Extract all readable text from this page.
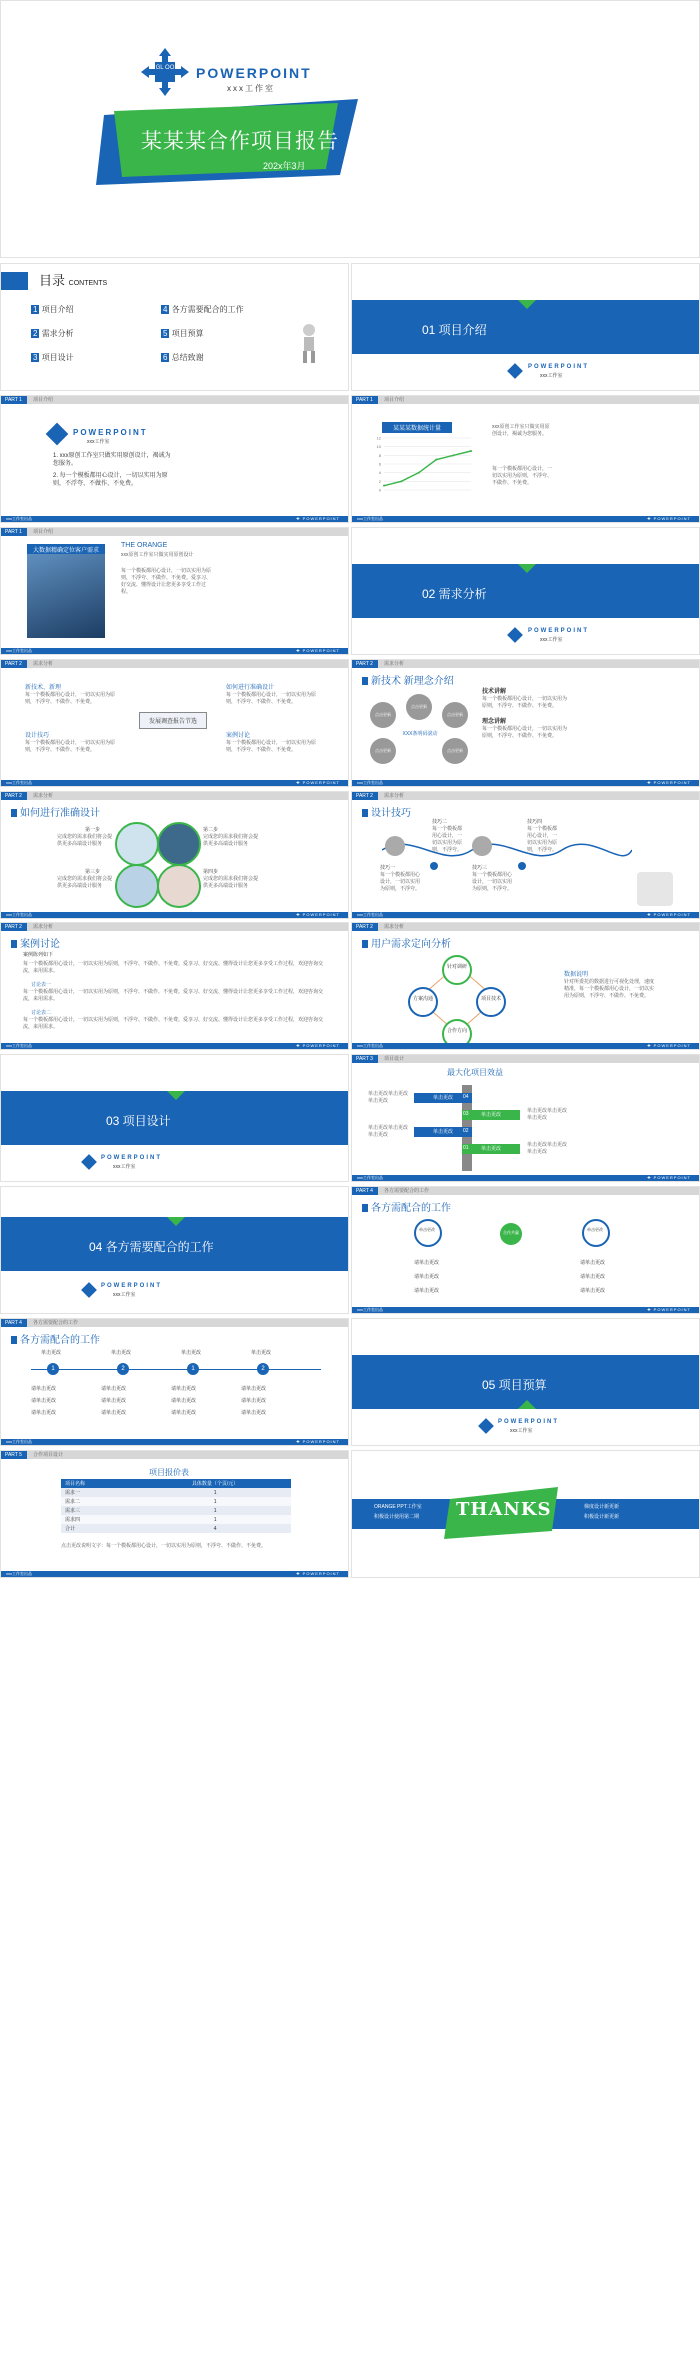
GL OO POWERPOINT
xxx工作室
某某某合作项目报告
202x年3月
目录 CONTENTS
1 项目介绍
2 需求分析
3 项目设计
4 各方需要配合的工作
5 项目预算
6 总结致谢
01 项目介绍
POWERPOINT
xxx工作室
PART 1	项目介绍
POWERPOINT
xxx工作室
1. xxx原创工作室只做实用原创设计，褐诚为您服务。
2. 每一个模板都用心设计，一切以实用为原则，不浮夸、不做作、不免费。
xxx工作室出品	✚ POWERPOINT
PART 1	项目介绍
某某某数据统计量
0
2
4
6
8
10
12
xxx原创工作室只做实用原创设计，褐诚为您服务。
每一个模板都用心设计，一切以实用为原则，不浮夸、不做作、不免费。
xxx工作室出品	✚ POWERPOINT
PART 1	项目介绍
大数据精确定位客户需求
THE ORANGE
xxx原创工作室只做实用原创设计
每一个模板都用心设计，一切以实用为原则，不浮夸、不做作、不免费。爱享习、好交流、懂得设计让您更多享受工作过程。
xxx工作室出品	✚ POWERPOINT
02 需求分析
POWERPOINT
xxx工作室
PART 2	需求分析
发展调查报告节选
新技术、新理	如何进行准确设计
设计技巧	案例讨论
每一个模板都用心设计，一切以实用为原则，不浮夸、不做作、不免费。
每一个模板都用心设计，一切以实用为原则，不浮夸、不做作、不免费。
每一个模板都用心设计，一切以实用为原则，不浮夸、不做作、不免费。
每一个模板都用心设计，一切以实用为原则，不浮夸、不做作、不免费。
xxx工作室出品	✚ POWERPOINT
PART 2	需求分析
新技术 新理念介绍
点击更新
点击更新
点击更新
点击更新	点击更新
XXX条明码滚动
技术讲解
每一个模板都用心设计，一切以实用为原则，不浮夸、不做作、不免费。
理念讲解
每一个模板都用心设计，一切以实用为原则，不浮夸、不做作、不免费。
xxx工作室出品	✚ POWERPOINT
PART 2	需求分析
如何进行准确设计
第一步
完成您的需求我们将会提供更多高端设计服务
第二步
完成您的需求我们将会提供更多高端设计服务
第三步
完成您的需求我们将会提供更多高端设计服务
第四步
完成您的需求我们将会提供更多高端设计服务
xxx工作室出品	✚ POWERPOINT
PART 2	需求分析
设计技巧
技巧二
每一个模板都用心设计，一切以实用为原则，不浮夸。
技巧四
每一个模板都用心设计，一切以实用为原则，不浮夸。
技巧一
每一个模板都用心设计，一切以实用为原则，不浮夸。
技巧三
每一个模板都用心设计，一切以实用为原则，不浮夸。
xxx工作室出品	✚ POWERPOINT
PART 2	需求分析
案例讨论
案例陈列如下
每一个模板都用心设计，一切以实用为原则，不浮夸、不做作、不免费。爱享习、好交流、懂得设计让您更多享受工作过程，欢迎咨询交流，来用需求。
讨论表一
每一个模板都用心设计，一切以实用为原则，不浮夸、不做作、不免费。爱享习、好交流、懂得设计让您更多享受工作过程，欢迎咨询交流，来用需求。
讨论表二
每一个模板都用心设计，一切以实用为原则，不浮夸、不做作、不免费。爱享习、好交流、懂得设计让您更多享受工作过程，欢迎咨询交流，来用需求。
xxx工作室出品	✚ POWERPOINT
PART 2	需求分析
用户需求定向分析
针对调研
方案沟通	项目技术
合作方向
数据说明
针对所委托的数据进行可视化处理，速度精准，每一个模板都用心设计，一切以实用为原则，不浮夸、不做作、不免费。
xxx工作室出品	✚ POWERPOINT
03 项目设计
POWERPOINT
xxx工作室
PART 3	项目设计
最大化项目效益
单击更改
单击更改
单击更改
单击更改
04
03
02
01
单击更改单击更改单击更改
单击更改单击更改单击更改
单击更改单击更改单击更改
单击更改单击更改单击更改
xxx工作室出品	✚ POWERPOINT
04 各方需要配合的工作
POWERPOINT
xxx工作室
PART 4	各方需要配合的工作
各方需配合的工作
合作共赢
单击更改	单击更改
请单击更改
请单击更改
请单击更改
请单击更改
请单击更改
请单击更改
xxx工作室出品	✚ POWERPOINT
PART 4	各方需要配合的工作
各方需配合的工作
单击更改	单击更改	单击更改	单击更改
1	2	1	2
请单击更改
请单击更改
请单击更改
请单击更改
请单击更改
请单击更改
请单击更改
请单击更改
请单击更改
请单击更改
请单击更改
请单击更改
xxx工作室出品	✚ POWERPOINT
05 项目预算
POWERPOINT
xxx工作室
PART 5	合作项目设计
项目报价表
项目名称	具体数量（个页/元）
需求一	1
需求二	1
需求三	1
需求四	1
合计	4
点击更改说明文字：每一个模板都用心设计，一切以实用为原则，不浮夸、不做作、不免费。
xxx工作室出品	✚ POWERPOINT
THANKS
ORANGE PPT工作室
积极设计使用第二期
梯度设计新更新
积极设计新更新
